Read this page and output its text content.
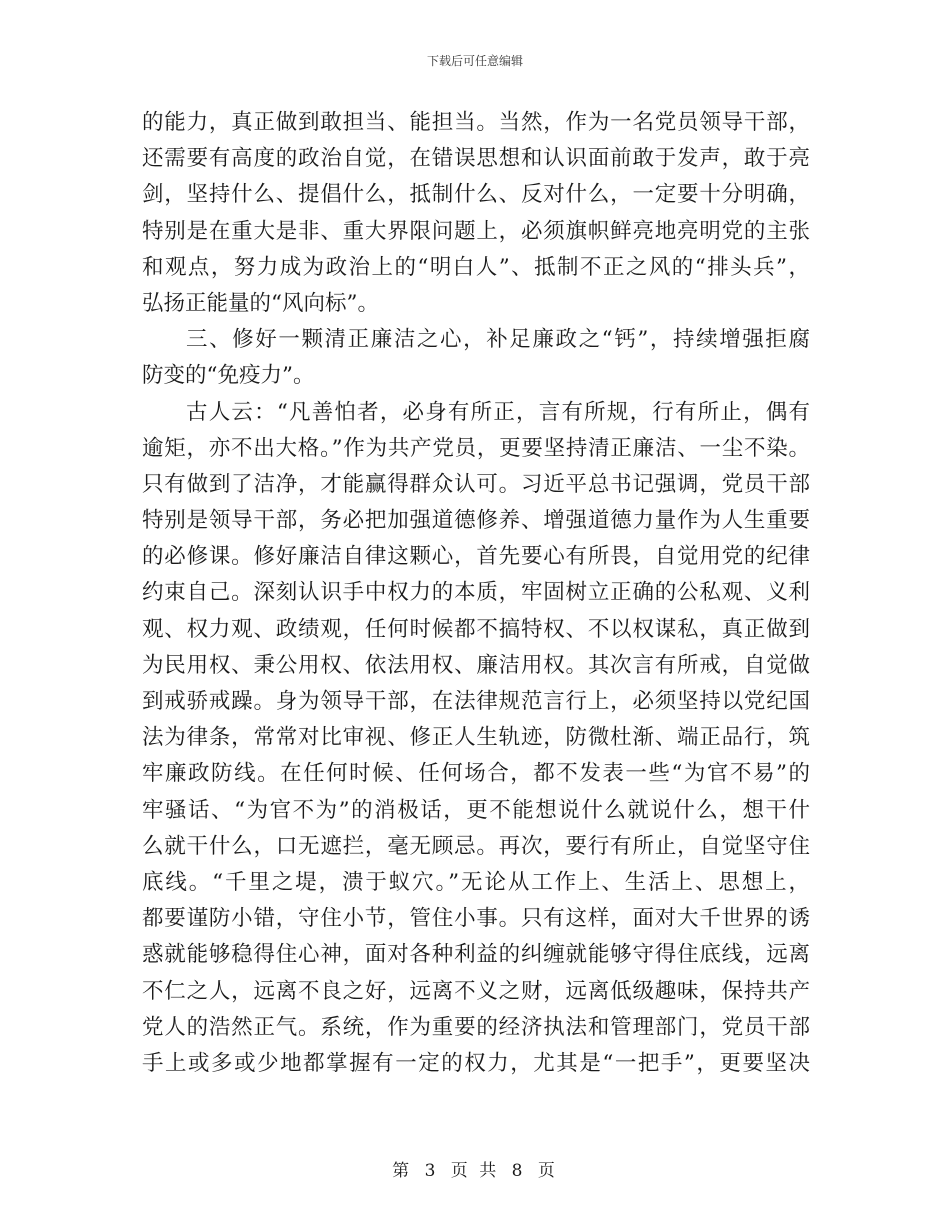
下载后可任意编辑
的能力，真正做到敢担当、能担当。当然，作为一名党员领导干部，
还需要有高度的政治自觉，在错误思想和认识面前敢于发声，敢于亮
剑，坚持什么、提倡什么，抵制什么、反对什么，一定要十分明确，
特别是在重大是非、重大界限问题上，必须旗帜鲜亮地亮明党的主张
和观点，努力成为政治上的“明白人”、抵制不正之风的“排头兵”，
弘扬正能量的“风向标”。
三、修好一颗清正廉洁之心，补足廉政之“钙”，持续增强拒腐
防变的“免疫力”。
古人云：“凡善怕者，必身有所正，言有所规，行有所止，偶有
逾矩，亦不出大格。”作为共产党员，更要坚持清正廉洁、一尘不染。
只有做到了洁净，才能赢得群众认可。习近平总书记强调，党员干部
特别是领导干部，务必把加强道德修养、增强道德力量作为人生重要
的必修课。修好廉洁自律这颗心，首先要心有所畏，自觉用党的纪律
约束自己。深刻认识手中权力的本质，牢固树立正确的公私观、义利
观、权力观、政绩观，任何时候都不搞特权、不以权谋私，真正做到
为民用权、秉公用权、依法用权、廉洁用权。其次言有所戒，自觉做
到戒骄戒躁。身为领导干部，在法律规范言行上，必须坚持以党纪国
法为律条，常常对比审视、修正人生轨迹，防微杜渐、端正品行，筑
牢廉政防线。在任何时候、任何场合，都不发表一些“为官不易”的
牢骚话、“为官不为”的消极话，更不能想说什么就说什么，想干什
么就干什么，口无遮拦，毫无顾忌。再次，要行有所止，自觉坚守住
底线。“千里之堤，溃于蚁穴。”无论从工作上、生活上、思想上，
都要谨防小错，守住小节，管住小事。只有这样，面对大千世界的诱
惑就能够稳得住心神，面对各种利益的纠缠就能够守得住底线，远离
不仁之人，远离不良之好，远离不义之财，远离低级趣味，保持共产
党人的浩然正气。系统，作为重要的经济执法和管理部门，党员干部
手上或多或少地都掌握有一定的权力，尤其是“一把手”，更要坚决
第 3 页 共 8 页
